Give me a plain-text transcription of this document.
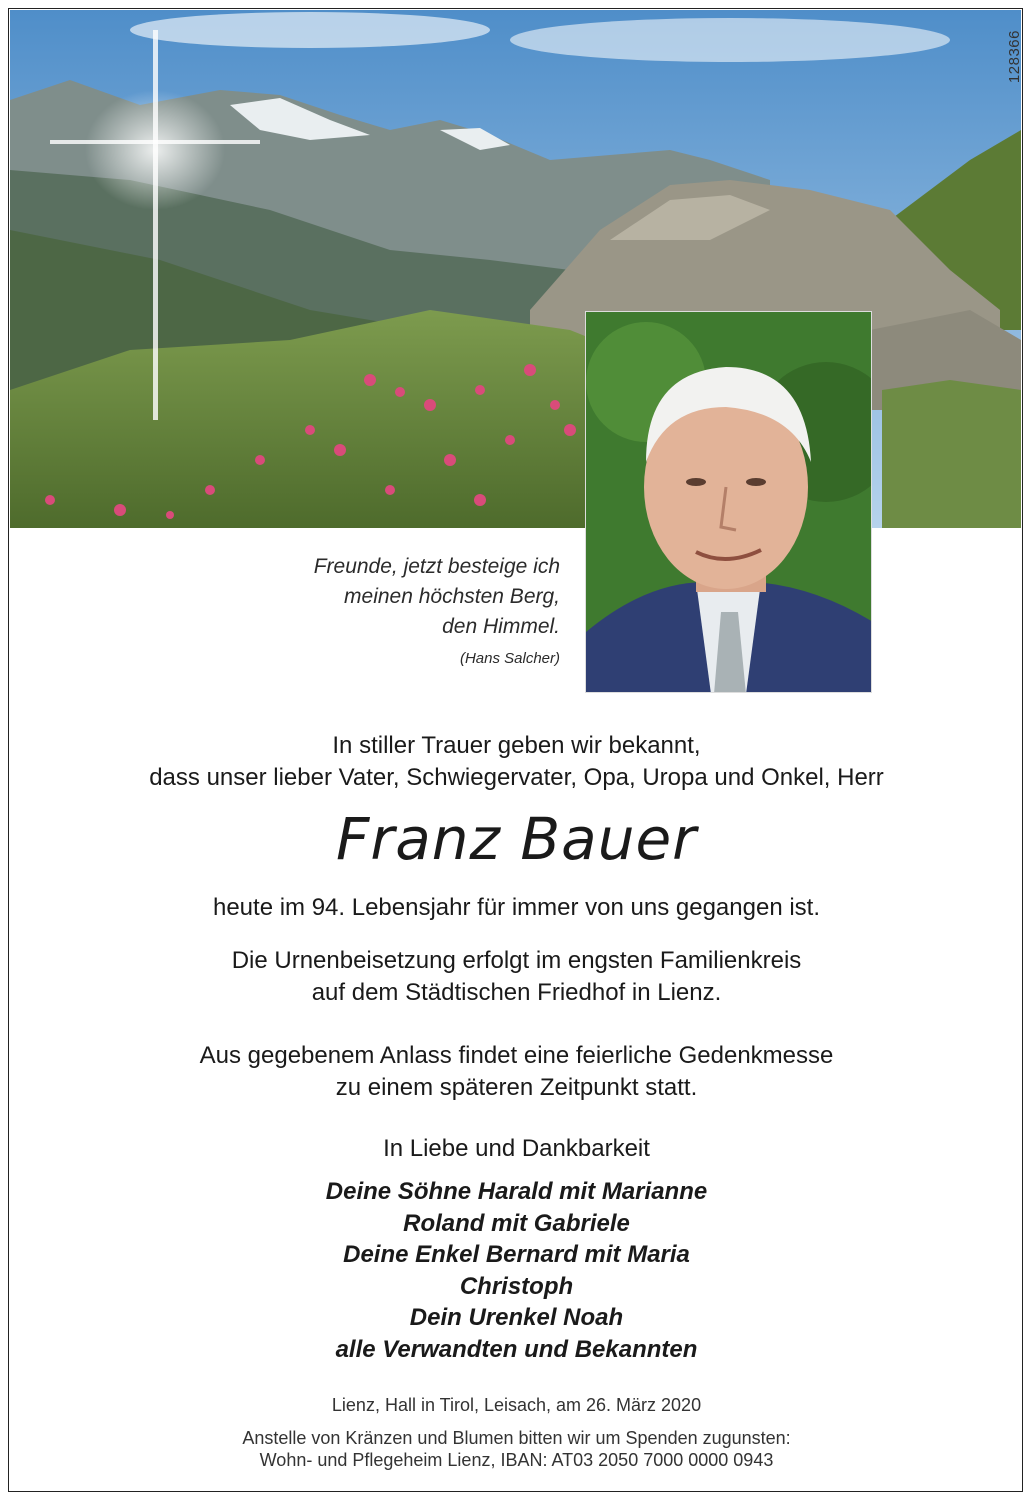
128366
Freunde, jetzt besteige ich
meinen höchsten Berg,
den Himmel.
(Hans Salcher)
In stiller Trauer geben wir bekannt,
dass unser lieber Vater, Schwiegervater, Opa, Uropa und Onkel, Herr
Franz Bauer
heute im 94. Lebensjahr für immer von uns gegangen ist.
Die Urnenbeisetzung erfolgt im engsten Familienkreis
auf dem Städtischen Friedhof in Lienz.
Aus gegebenem Anlass findet eine feierliche Gedenkmesse
zu einem späteren Zeitpunkt statt.
In Liebe und Dankbarkeit
Deine Söhne Harald mit Marianne
Roland mit Gabriele
Deine Enkel Bernard mit Maria
Christoph
Dein Urenkel Noah
alle Verwandten und Bekannten
Lienz, Hall in Tirol, Leisach, am 26. März 2020
Anstelle von Kränzen und Blumen bitten wir um Spenden zugunsten:
Wohn- und Pflegeheim Lienz, IBAN: AT03 2050 7000 0000 0943
